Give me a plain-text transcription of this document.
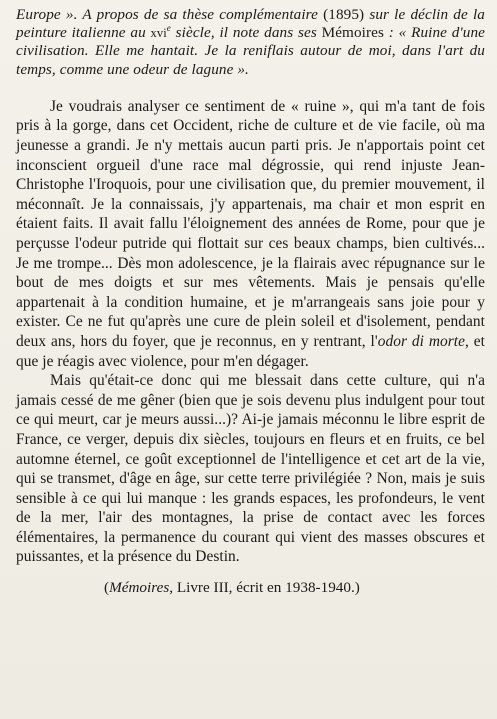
Europe ». A propos de sa thèse complémentaire (1895) sur le déclin de la peinture italienne au xvi$^e$ siècle, il note dans ses Mémoires : « Ruine d'une civilisation. Elle me hantait. Je la reniflais autour de moi, dans l'art du temps, comme une odeur de lagune ».

Je voudrais analyser ce sentiment de « ruine », qui m'a tant de fois pris à la gorge, dans cet Occident, riche de culture et de vie facile, où ma jeunesse a grandi. Je n'y mettais aucun parti pris. Je n'apportais point cet inconscient orgueil d'une race mal dégrossie, qui rend injuste Jean-Christophe l'Iroquois, pour une civilisation que, du premier mouvement, il méconnaît. Je la connaissais, j'y appartenais, ma chair et mon esprit en étaient faits. Il avait fallu l'éloignement des années de Rome, pour que je perçusse l'odeur putride qui flottait sur ces beaux champs, bien cultivés... Je me trompe... Dès mon adolescence, je la flairais avec répugnance sur le bout de mes doigts et sur mes vêtements. Mais je pensais qu'elle appartenait à la condition humaine, et je m'arrangeais sans joie pour y exister. Ce ne fut qu'après une cure de plein soleil et d'isolement, pendant deux ans, hors du foyer, que je reconnus, en y rentrant, l'odor di morte, et que je réagis avec violence, pour m'en dégager.

Mais qu'était-ce donc qui me blessait dans cette culture, qui n'a jamais cessé de me gêner (bien que je sois devenu plus indulgent pour tout ce qui meurt, car je meurs aussi...)? Ai-je jamais méconnu le libre esprit de France, ce verger, depuis dix siècles, toujours en fleurs et en fruits, ce bel automne éternel, ce goût exceptionnel de l'intelligence et cet art de la vie, qui se transmet, d'âge en âge, sur cette terre privilégiée ? Non, mais je suis sensible à ce qui lui manque : les grands espaces, les profondeurs, le vent de la mer, l'air des montagnes, la prise de contact avec les forces élémentaires, la permanence du courant qui vient des masses obscures et puissantes, et la présence du Destin.

(Mémoires, Livre III, écrit en 1938-1940.)
